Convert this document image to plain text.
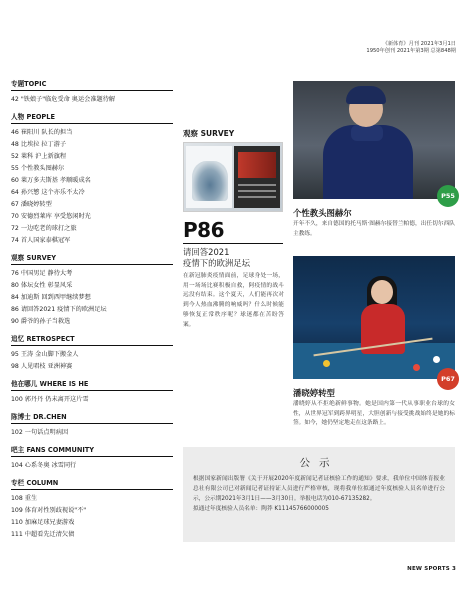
《新体育》月刊 2021年3月1日
1950年创刊 2021年第3期 总第848期
专题TOPIC
42 "铁娘子"临危受命 奥运会准题待解
人物 PEOPLE
46 崔阳川 队长的担当
48 比埃拉 拉丁游子
52 莱科 沪上新旗程
55 个性教头图赫尔
60 莱万多夫斯基 孝顺暖成名
64 孙兴慜 这个亦乐不太冷
67 潘晓婷转型
70 安德烈莱库 享受悠闲时光
72 一边吃老的球打之旅
74 首人国家泰棋冠军
观察 SURVEY
76 中国男足 静待大考
80 体坛女性 彰显风采
84 加迪斯 回到西甲继续梦想
86 请回答2021 疫情下的欧洲足坛
90 爵爷的孙子当救选
追忆 RETROSPECT
95 王涛 金山脚下搬金人
98 人见唱枝 亚洲神赛
他在哪儿 WHERE IS HE
100 郭丹丹 仍未离开这片雪
陈博士 DR.CHEN
102 一句话点明病因
吧主 FANS COMMUNITY
104 心系冬奥 冰雪同行
专栏 COLUMN
108 重生
109 体育对性别歧视说"不"
110 加麻足球兄妻游戏
111 中超看先迁清欠债
观察 SURVEY
P86
请回答2021
疫情下的欧洲足坛
在新冠肺炎疫情面前，足球身处一场，用一场场比赛积极自救，阿疫情的战斗远没有结束。这个夏天，人们能再次对到今人热血沸腾的响威吗？什么时候能够恢复正常秩序呢？球迷都在苦盼答案。
P55
个性教头图赫尔
开年不久，来自德国的托马斯·图赫尔接替兰帕德，出任切尔西队主教练。
P67
潘晓婷转型
潘晓婷从不拒绝新鲜事物。她是国内第一代从事职业台球的女性，从世界冠军到跨界明星，大胆创新与接受挑战始终是她的标签。如今，她仍坚定地走在这条路上。
公示
根据国家新闻出版署《关于开展2020年度新闻记者证核验工作的通知》要求，我单位中国体育报业总社有限公司已对新闻记者证持证人员进行严格审核，现将我单位拟通过年度核验人员名单进行公示，公示期2021年3月1日——3月30日。举报电话为010-67135282。
拟通过年度核验人员名单：陶莽 K11145766000005
NEW SPORTS 3
